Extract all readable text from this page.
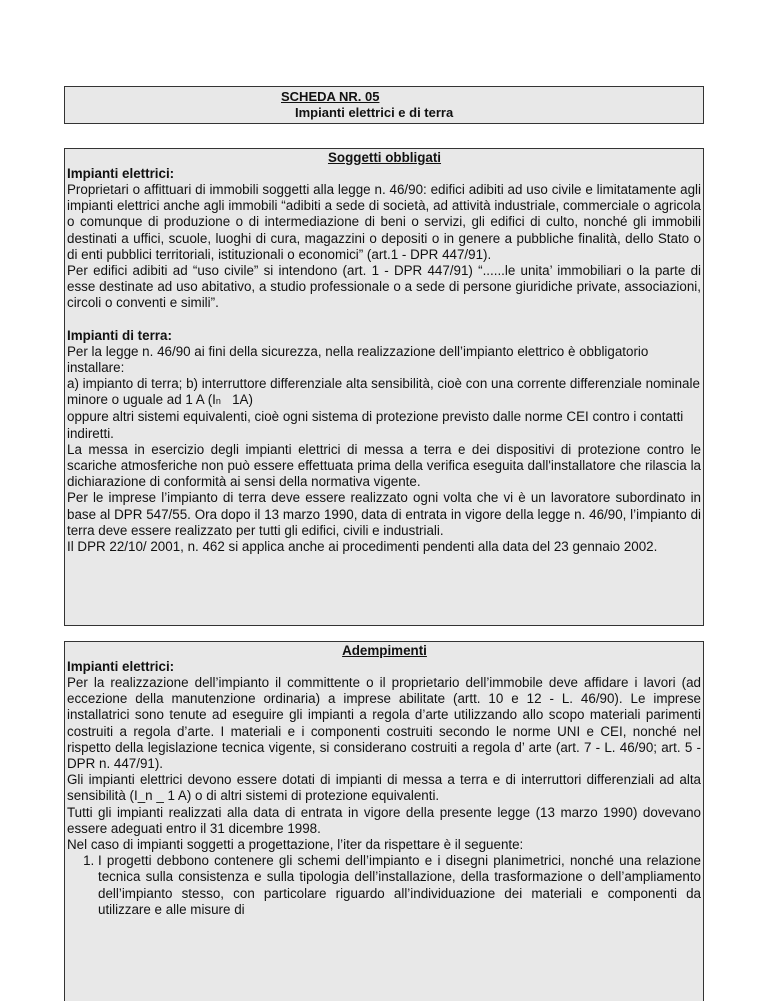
SCHEDA NR. 05
Impianti elettrici e di terra
Soggetti obbligati
Impianti elettrici:
Proprietari o affittuari di immobili soggetti alla legge n. 46/90: edifici adibiti ad uso civile e limitatamente agli impianti elettrici anche agli immobili “adibiti a sede di società, ad attività industriale, commerciale o agricola o comunque di produzione o di intermediazione di beni o servizi, gli edifici di culto, nonché gli immobili destinati a uffici, scuole, luoghi di cura, magazzini o depositi o in genere a pubbliche finalità, dello Stato o di enti pubblici territoriali, istituzionali o economici” (art.1 - DPR 447/91).
Per edifici adibiti ad “uso civile” si intendono (art. 1 - DPR 447/91) “......le unita’ immobiliari o la parte di esse destinate ad uso abitativo, a studio professionale o a sede di persone giuridiche private, associazioni, circoli o conventi e simili”.
Impianti di terra:
Per la legge n. 46/90 ai fini della sicurezza, nella realizzazione dell’impianto elettrico è obbligatorio installare:
a) impianto di terra; b) interruttore differenziale alta sensibilità, cioè con una corrente differenziale nominale minore o uguale ad 1 A (In 1A)
oppure altri sistemi equivalenti, cioè ogni sistema di protezione previsto dalle norme CEI contro i contatti indiretti.
La messa in esercizio degli impianti elettrici di messa a terra e dei dispositivi di protezione contro le scariche atmosferiche non può essere effettuata prima della verifica eseguita dall'installatore che rilascia la dichiarazione di conformità ai sensi della normativa vigente.
Per le imprese l’impianto di terra deve essere realizzato ogni volta che vi è un lavoratore subordinato in base al DPR 547/55. Ora dopo il 13 marzo 1990, data di entrata in vigore della legge n. 46/90, l’impianto di terra deve essere realizzato per tutti gli edifici, civili e industriali.
Il DPR 22/10/ 2001, n. 462 si applica anche ai procedimenti pendenti alla data del 23 gennaio 2002.
Adempimenti
Impianti elettrici:
Per la realizzazione dell’impianto il committente o il proprietario dell’immobile deve affidare i lavori (ad eccezione della manutenzione ordinaria) a imprese abilitate (artt. 10 e 12 - L. 46/90). Le imprese installatrici sono tenute ad eseguire gli impianti a regola d’arte utilizzando allo scopo materiali parimenti costruiti a regola d’arte. I materiali e i componenti costruiti secondo le norme UNI e CEI, nonché nel rispetto della legislazione tecnica vigente, si considerano costruiti a regola d’ arte (art. 7 - L. 46/90; art. 5 - DPR n. 447/91).
Gli impianti elettrici devono essere dotati di impianti di messa a terra e di interruttori differenziali ad alta sensibilità (I_n _ 1 A) o di altri sistemi di protezione equivalenti.
Tutti gli impianti realizzati alla data di entrata in vigore della presente legge (13 marzo 1990) dovevano essere adeguati entro il 31 dicembre 1998.
Nel caso di impianti soggetti a progettazione, l’iter da rispettare è il seguente:
1. I progetti debbono contenere gli schemi dell’impianto e i disegni planimetrici, nonché una relazione tecnica sulla consistenza e sulla tipologia dell’installazione, della trasformazione o dell’ampliamento dell’impianto stesso, con particolare riguardo all’individuazione dei materiali e componenti da utilizzare e alle misure di
